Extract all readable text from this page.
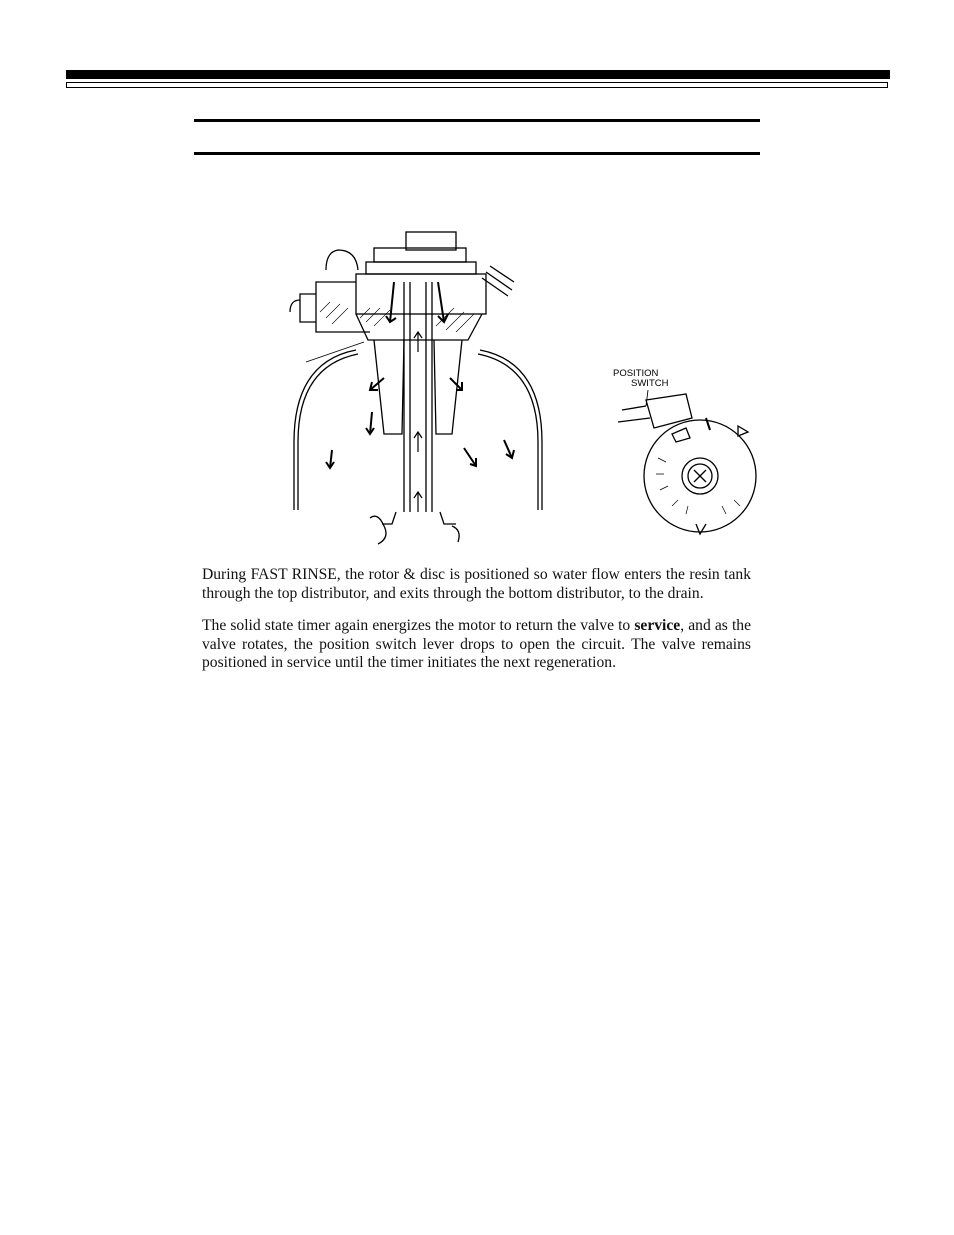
POSITION
SWITCH

During FAST RINSE, the rotor & disc is positioned so water flow enters the resin tank through the top distributor, and exits through the bottom distributor, to the drain.

The solid state timer again energizes the motor to return the valve to service, and as the valve rotates, the position switch lever drops to open the circuit. The valve remains positioned in service until the timer initiates the next regeneration.
